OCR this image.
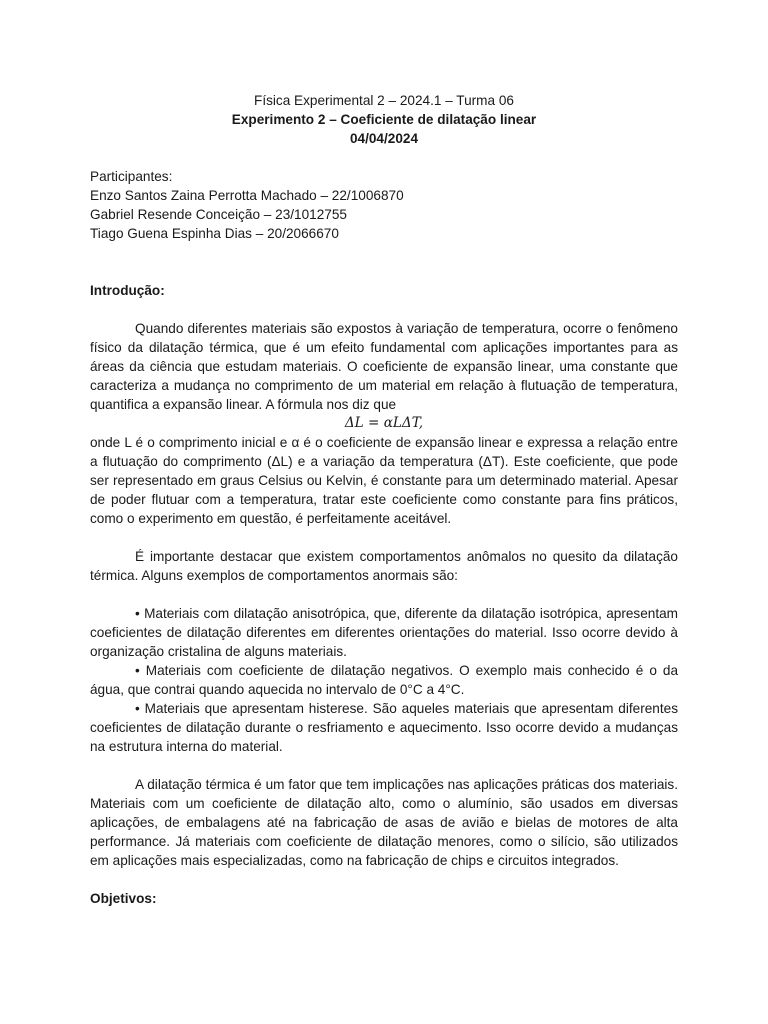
Física Experimental 2 – 2024.1 – Turma 06

Experimento 2 – Coeficiente de dilatação linear

04/04/2024

Participantes:

Enzo Santos Zaina Perrotta Machado – 22/1006870

Gabriel Resende Conceição – 23/1012755

Tiago Guena Espinha Dias – 20/2066670

Introdução:

Quando diferentes materiais são expostos à variação de temperatura, ocorre o fenômeno físico da dilatação térmica, que é um efeito fundamental com aplicações importantes para as áreas da ciência que estudam materiais. O coeficiente de expansão linear, uma constante que caracteriza a mudança no comprimento de um material em relação à flutuação de temperatura, quantifica a expansão linear. A fórmula nos diz que

ΔL = αLΔT,

onde L é o comprimento inicial e α é o coeficiente de expansão linear e expressa a relação entre a flutuação do comprimento (ΔL) e a variação da temperatura (ΔT). Este coeficiente, que pode ser representado em graus Celsius ou Kelvin, é constante para um determinado material. Apesar de poder flutuar com a temperatura, tratar este coeficiente como constante para fins práticos, como o experimento em questão, é perfeitamente aceitável.

É importante destacar que existem comportamentos anômalos no quesito da dilatação térmica. Alguns exemplos de comportamentos anormais são:

• Materiais com dilatação anisotrópica, que, diferente da dilatação isotrópica, apresentam coeficientes de dilatação diferentes em diferentes orientações do material. Isso ocorre devido à organização cristalina de alguns materiais.

• Materiais com coeficiente de dilatação negativos. O exemplo mais conhecido é o da água, que contrai quando aquecida no intervalo de 0°C a 4°C.

• Materiais que apresentam histerese. São aqueles materiais que apresentam diferentes coeficientes de dilatação durante o resfriamento e aquecimento. Isso ocorre devido a mudanças na estrutura interna do material.

A dilatação térmica é um fator que tem implicações nas aplicações práticas dos materiais. Materiais com um coeficiente de dilatação alto, como o alumínio, são usados em diversas aplicações, de embalagens até na fabricação de asas de avião e bielas de motores de alta performance. Já materiais com coeficiente de dilatação menores, como o silício, são utilizados em aplicações mais especializadas, como na fabricação de chips e circuitos integrados.

Objetivos:
